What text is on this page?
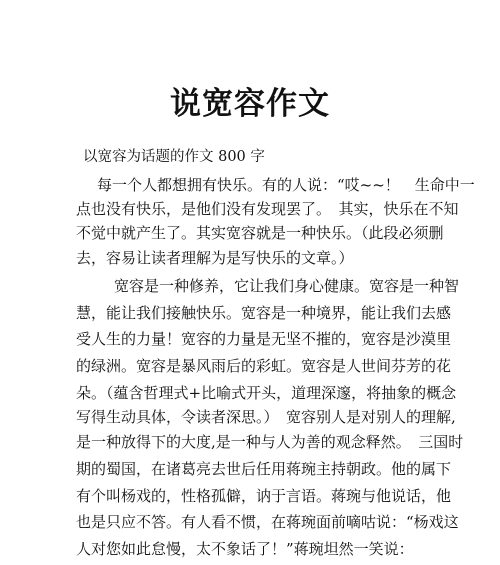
说宽容作文
以宽容为话题的作文 800 字
每一个人都想拥有快乐。有的人说：“哎~~！　生命中一
点也没有快乐，是他们没有发现罢了。　其实，快乐在不知
不觉中就产生了。其实宽容就是一种快乐。（此段必须删
去，容易让读者理解为是写快乐的文章。）
宽容是一种修养，它让我们身心健康。宽容是一种智
慧，能让我们接触快乐。宽容是一种境界，能让我们去感
受人生的力量！宽容的力量是无坚不摧的，宽容是沙漠里
的绿洲。宽容是暴风雨后的彩虹。宽容是人世间芬芳的花
朵。（蕴含哲理式+比喻式开头，道理深邃，将抽象的概念
写得生动具体，令读者深思。）　宽容别人是对别人的理解,
是一种放得下的大度,是一种与人为善的观念释然。　三国时
期的蜀国，在诸葛亮去世后任用蒋琬主持朝政。他的属下
有个叫杨戏的，性格孤僻，讷于言语。蒋琬与他说话，他
也是只应不答。有人看不惯，在蒋琬面前嘀咕说：“杨戏这
人对您如此怠慢，太不象话了！”蒋琬坦然一笑说：
